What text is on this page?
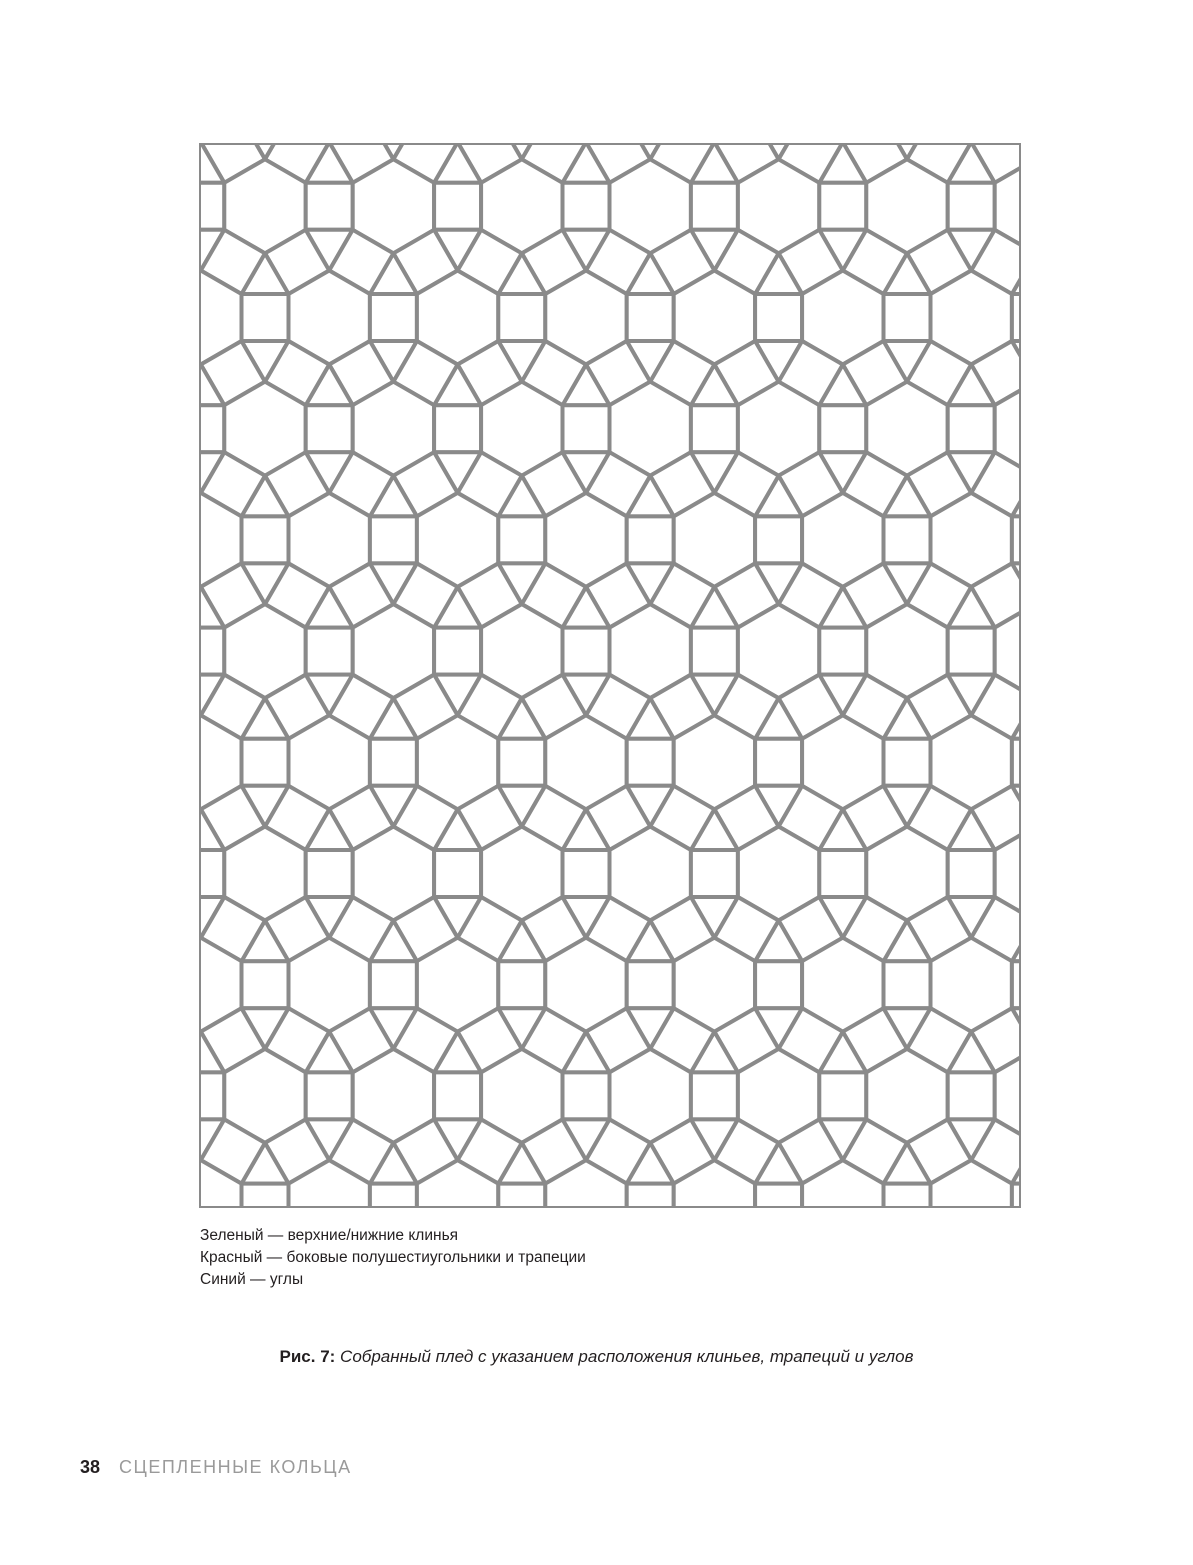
Зеленый — верхние/нижние клинья
Красный — боковые полушестиугольники и трапеции
Синий — углы
Рис. 7: Собранный плед с указанием расположения клиньев, трапеций и углов
38 СЦЕПЛЕННЫЕ КОЛЬЦА
